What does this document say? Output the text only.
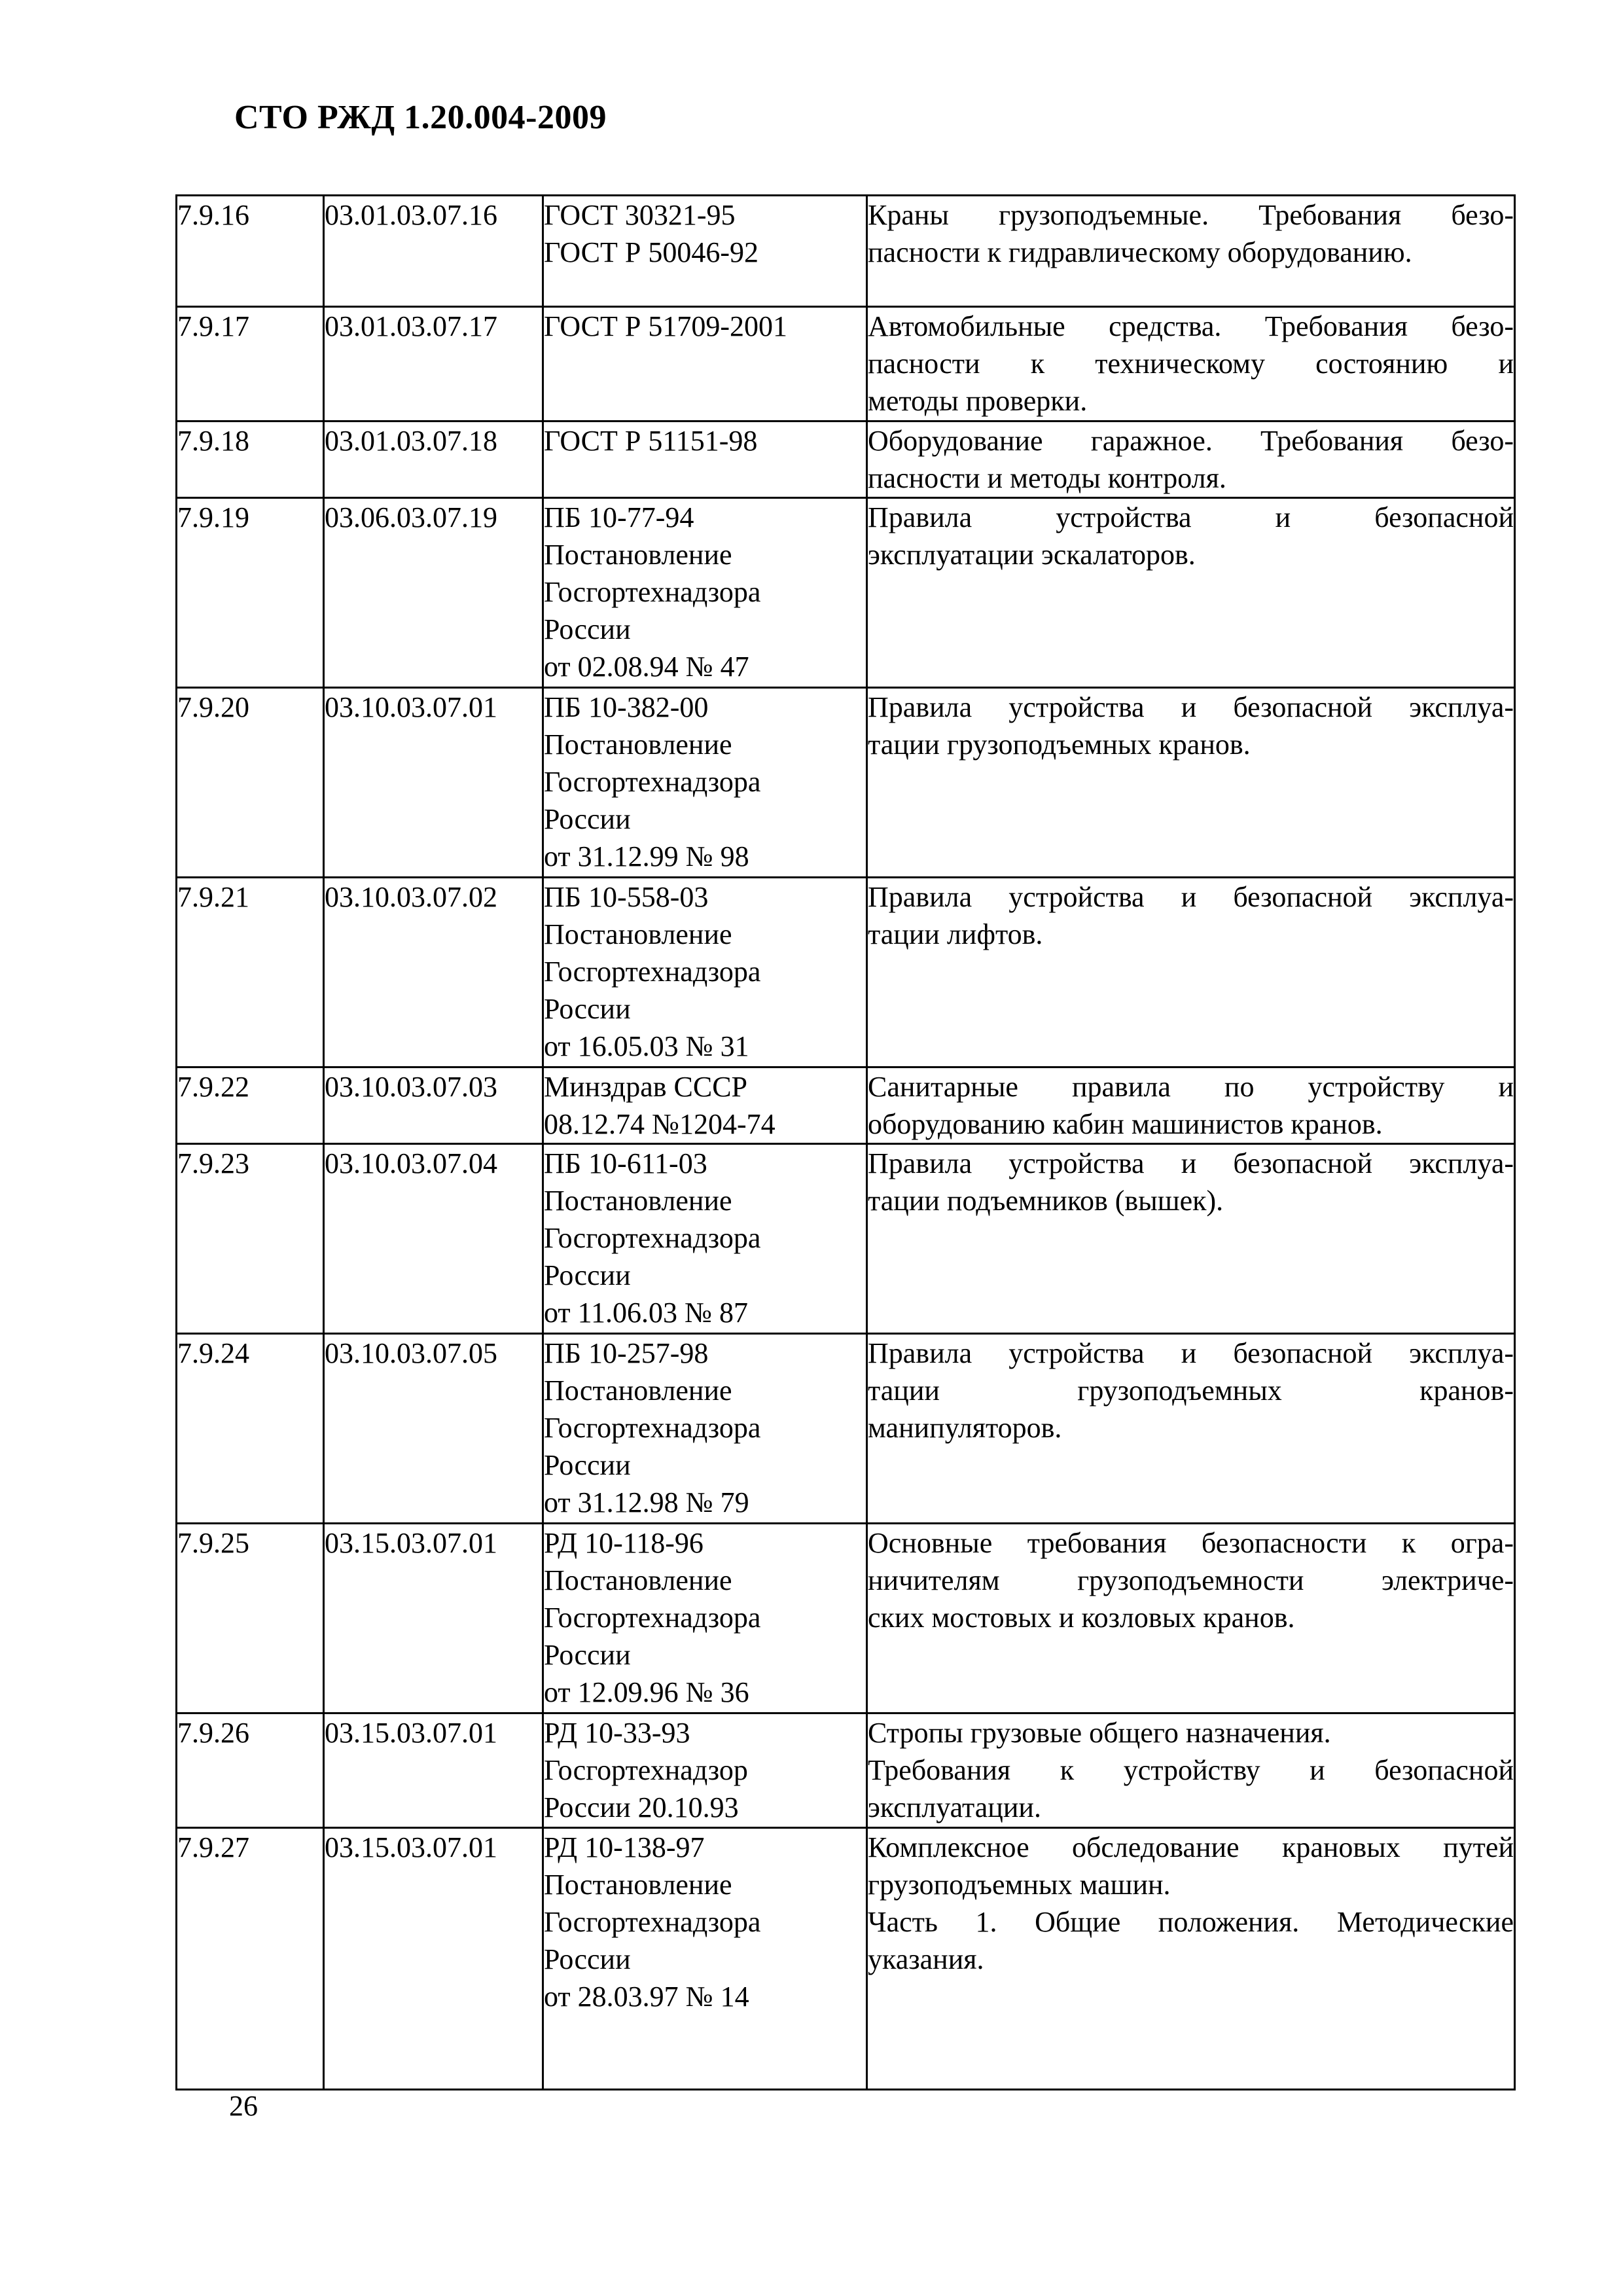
СТО РЖД 1.20.004-2009
7.9.16	03.01.03.07.16	ГОСТ 30321-95
ГОСТ Р 50046-92	Краны грузоподъемные. Требования безо-
пасности к гидравлическому оборудованию.

7.9.17	03.01.03.07.17	ГОСТ Р 51709-2001	Автомобильные средства. Требования безо-
пасности к техническому состоянию и
методы проверки.

7.9.18	03.01.03.07.18	ГОСТ Р 51151-98	Оборудование гаражное. Требования безо-
пасности и методы контроля.

7.9.19	03.06.03.07.19	ПБ 10-77-94
Постановление
Госгортехнадзора
России
от 02.08.94 № 47	Правила устройства и безопасной
эксплуатации эскалаторов.

7.9.20	03.10.03.07.01	ПБ 10-382-00
Постановление
Госгортехнадзора
России
от 31.12.99 № 98	Правила устройства и безопасной эксплуа-
тации грузоподъемных кранов.

7.9.21	03.10.03.07.02	ПБ 10-558-03
Постановление
Госгортехнадзора
России
от 16.05.03 № 31	Правила устройства и безопасной эксплуа-
тации лифтов.

7.9.22	03.10.03.07.03	Минздрав СССР
08.12.74 №1204-74	Санитарные правила по устройству и
оборудованию кабин машинистов кранов.

7.9.23	03.10.03.07.04	ПБ 10-611-03
Постановление
Госгортехнадзора
России
от 11.06.03 № 87	Правила устройства и безопасной эксплуа-
тации подъемников (вышек).

7.9.24	03.10.03.07.05	ПБ 10-257-98
Постановление
Госгортехнадзора
России
от 31.12.98 № 79	Правила устройства и безопасной эксплуа-
тации грузоподъемных кранов-
манипуляторов.

7.9.25	03.15.03.07.01	РД 10-118-96
Постановление
Госгортехнадзора
России
от 12.09.96 № 36	Основные требования безопасности к огра-
ничителям грузоподъемности электриче-
ских мостовых и козловых кранов.

7.9.26	03.15.03.07.01	РД 10-33-93
Госгортехнадзор
России 20.10.93	Стропы грузовые общего назначения.
Требования к устройству и безопасной
эксплуатации.

7.9.27	03.15.03.07.01	РД 10-138-97
Постановление
Госгортехнадзора
России
от 28.03.97 № 14	Комплексное обследование крановых путей
грузоподъемных машин.
Часть 1. Общие положения. Методические
указания.
26
